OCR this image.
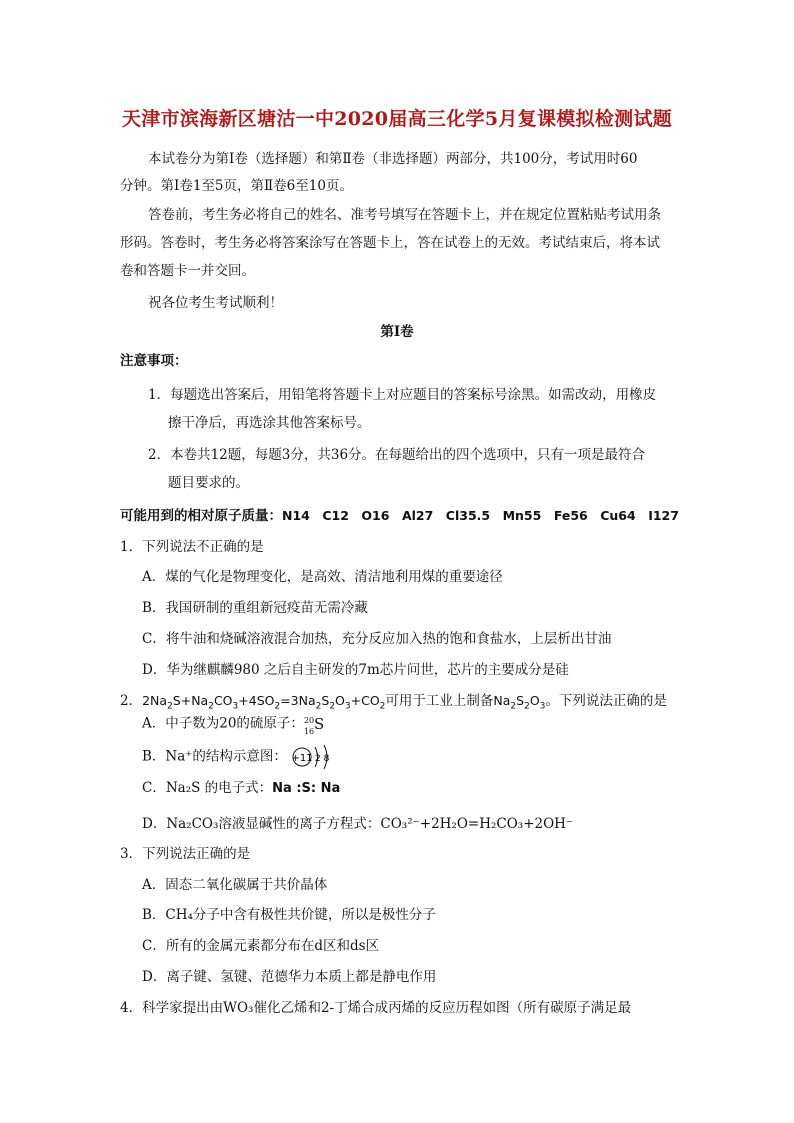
天津市滨海新区塘沽一中2020届高三化学5月复课模拟检测试题
本试卷分为第Ⅰ卷（选择题）和第Ⅱ卷（非选择题）两部分，共100分，考试用时60
分钟。第Ⅰ卷1至5页，第Ⅱ卷6至10页。
答卷前，考生务必将自己的姓名、准考号填写在答题卡上，并在规定位置粘贴考试用条
形码。答卷时，考生务必将答案涂写在答题卡上，答在试卷上的无效。考试结束后，将本试
卷和答题卡一并交回。
祝各位考生考试顺利！
第Ⅰ卷
注意事项：
1．每题选出答案后，用铅笔将答题卡上对应题目的答案标号涂黑。如需改动，用橡皮
擦干净后，再选涂其他答案标号。
2．本卷共12题，每题3分，共36分。在每题给出的四个选项中，只有一项是最符合
题目要求的。
可能用到的相对原子质量：N14　C12　O16　Al27　Cl35.5　Mn55　Fe56　Cu64　I127
1．下列说法不正确的是
A．煤的气化是物理变化，是高效、清洁地利用煤的重要途径
B．我国研制的重组新冠疫苗无需冷藏
C．将牛油和烧碱溶液混合加热，充分反应加入热的饱和食盐水，上层析出甘油
D．华为继麒麟980 之后自主研发的7m芯片问世，芯片的主要成分是硅
2．$2Na_2S+Na_2CO_3+4SO_2=3Na_2S_2O_3+CO_2$可用于工业上制备$Na_2S_2O_3$。下列说法正确的是
A．中子数为20的硫原子： 20
16 S
B．Na⁺的结构示意图： +11 2 8
C．Na₂S 的电子式：Na :S: Na
D．Na₂CO₃溶液显碱性的离子方程式：CO₃²⁻+2H₂O=H₂CO₃+2OH⁻
3．下列说法正确的是
A．固态二氧化碳属于共价晶体
B．CH₄分子中含有极性共价键，所以是极性分子
C．所有的金属元素都分布在d区和ds区
D．离子键、氢键、范德华力本质上都是静电作用
4．科学家提出由WO₃催化乙烯和2-丁烯合成丙烯的反应历程如图（所有碳原子满足最
